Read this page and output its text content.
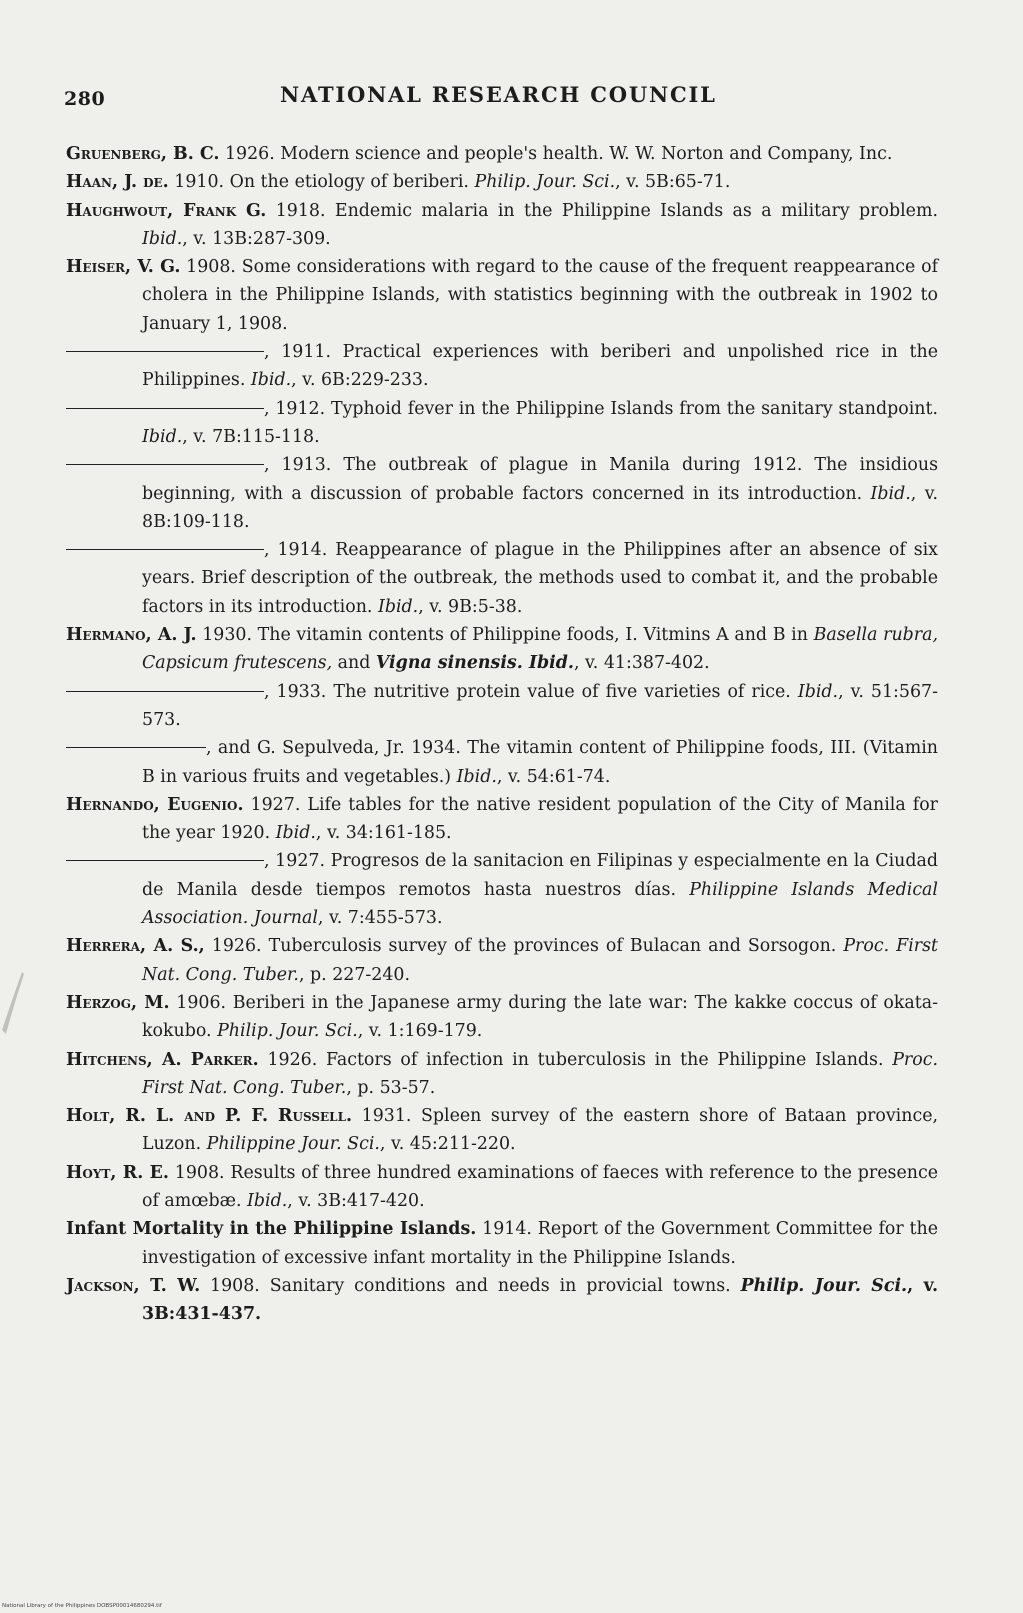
280	NATIONAL RESEARCH COUNCIL
Gruenberg, B. C. 1926. Modern science and people's health. W. W. Norton and Company, Inc.
Haan, J. de. 1910. On the etiology of beriberi. Philip. Jour. Sci., v. 5B:65-71.
Haughwout, Frank G. 1918. Endemic malaria in the Philippine Islands as a military problem. Ibid., v. 13B:287-309.
Heiser, V. G. 1908. Some considerations with regard to the cause of the frequent reappearance of cholera in the Philippine Islands, with statistics beginning with the outbreak in 1902 to January 1, 1908.
, 1911. Practical experiences with beriberi and unpolished rice in the Philippines. Ibid., v. 6B:229-233.
, 1912. Typhoid fever in the Philippine Islands from the sanitary standpoint. Ibid., v. 7B:115-118.
, 1913. The outbreak of plague in Manila during 1912. The insidious beginning, with a discussion of probable factors concerned in its introduction. Ibid., v. 8B:109-118.
, 1914. Reappearance of plague in the Philippines after an absence of six years. Brief description of the outbreak, the methods used to combat it, and the probable factors in its introduction. Ibid., v. 9B:5-38.
Hermano, A. J. 1930. The vitamin contents of Philippine foods, I. Vitmins A and B in Basella rubra, Capsicum frutescens, and Vigna sinensis. Ibid., v. 41:387-402.
, 1933. The nutritive protein value of five varieties of rice. Ibid., v. 51:567-573.
, and G. Sepulveda, Jr. 1934. The vitamin content of Philippine foods, III. (Vitamin B in various fruits and vegetables.) Ibid., v. 54:61-74.
Hernando, Eugenio. 1927. Life tables for the native resident population of the City of Manila for the year 1920. Ibid., v. 34:161-185.
, 1927. Progresos de la sanitacion en Filipinas y especialmente en la Ciudad de Manila desde tiempos remotos hasta nuestros días. Philippine Islands Medical Association. Journal, v. 7:455-573.
Herrera, A. S., 1926. Tuberculosis survey of the provinces of Bulacan and Sorsogon. Proc. First Nat. Cong. Tuber., p. 227-240.
Herzog, M. 1906. Beriberi in the Japanese army during the late war: The kakke coccus of okata-kokubo. Philip. Jour. Sci., v. 1:169-179.
Hitchens, A. Parker. 1926. Factors of infection in tuberculosis in the Philippine Islands. Proc. First Nat. Cong. Tuber., p. 53-57.
Holt, R. L. and P. F. Russell. 1931. Spleen survey of the eastern shore of Bataan province, Luzon. Philippine Jour. Sci., v. 45:211-220.
Hoyt, R. E. 1908. Results of three hundred examinations of faeces with reference to the presence of amœbæ. Ibid., v. 3B:417-420.
Infant Mortality in the Philippine Islands. 1914. Report of the Government Committee for the investigation of excessive infant mortality in the Philippine Islands.
Jackson, T. W. 1908. Sanitary conditions and needs in provicial towns. Philip. Jour. Sci., v. 3B:431-437.
National Library of the Philippines DOBSP00014680294.tif
